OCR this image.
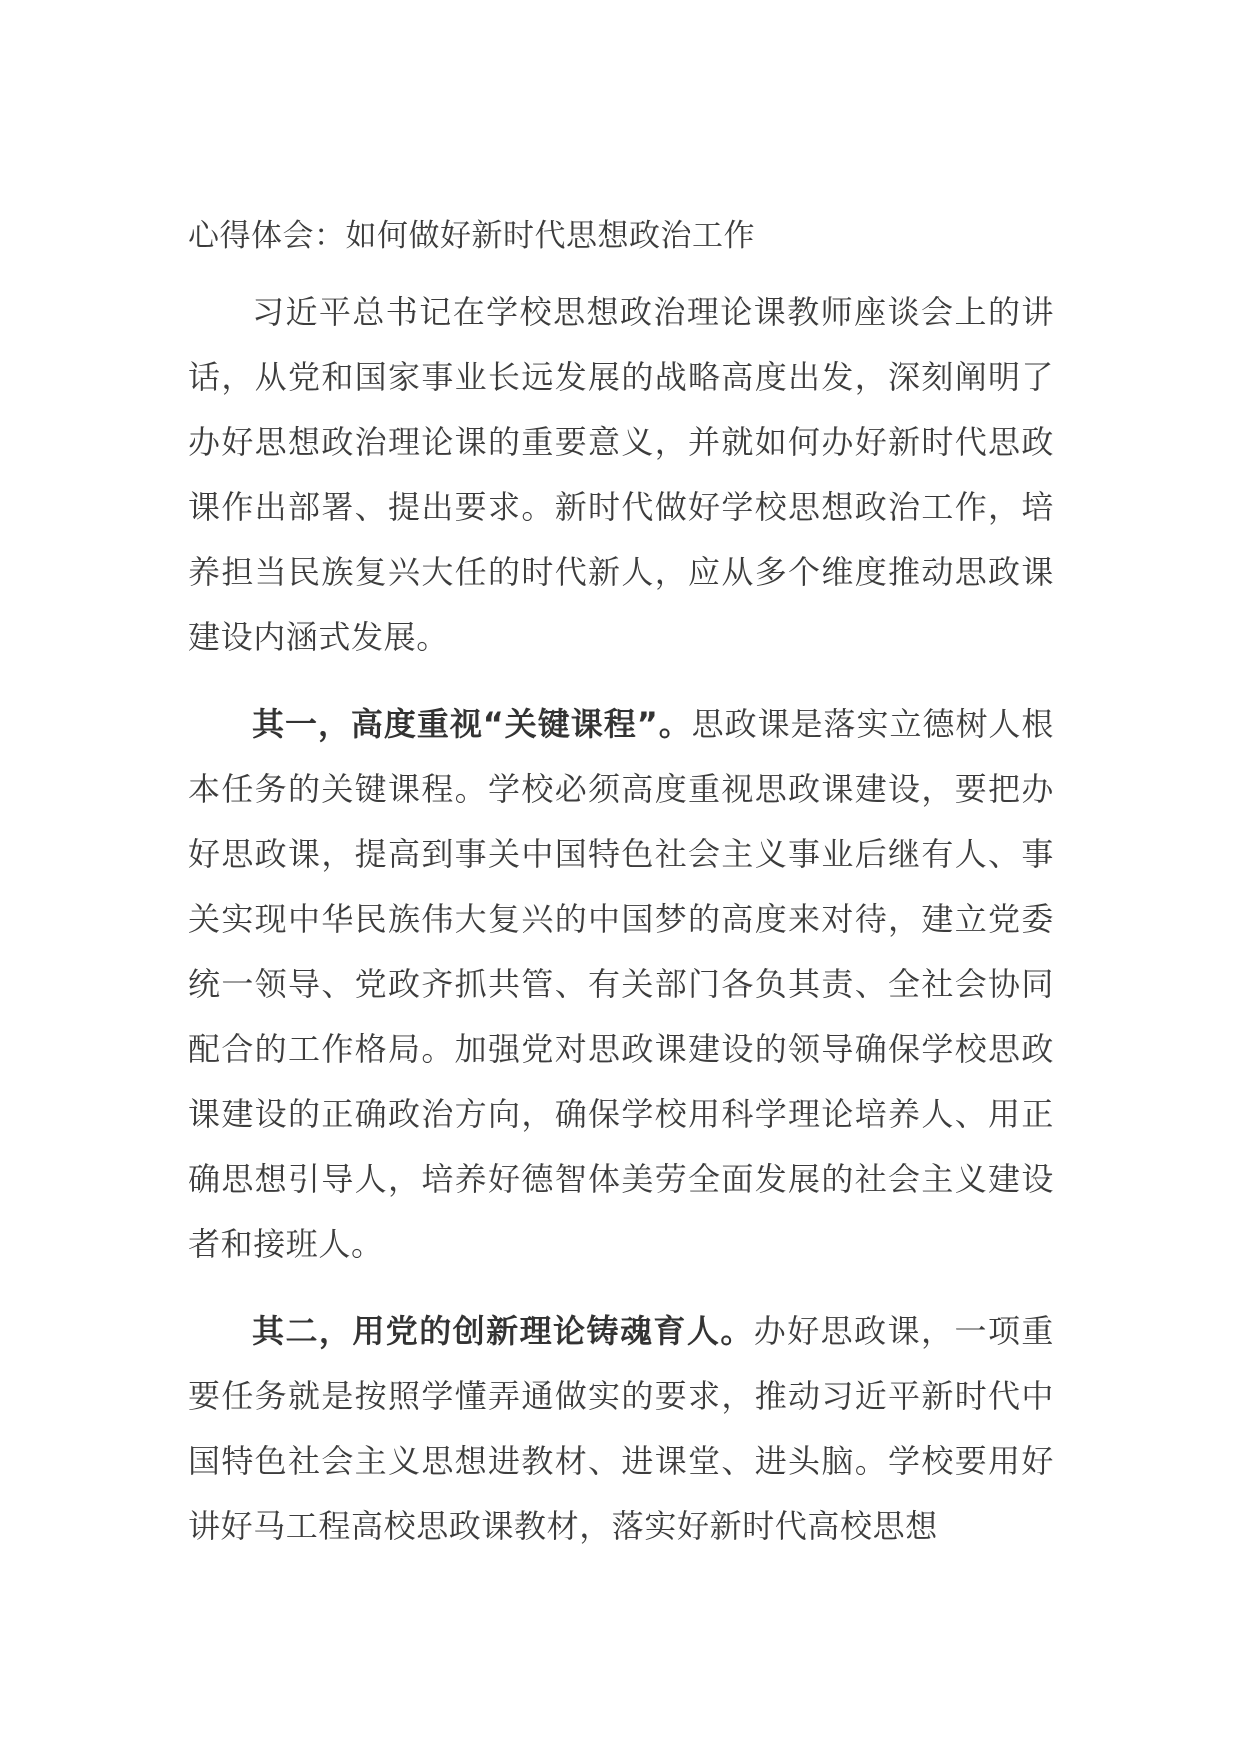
心得体会：如何做好新时代思想政治工作

习近平总书记在学校思想政治理论课教师座谈会上的讲话，从党和国家事业长远发展的战略高度出发，深刻阐明了办好思想政治理论课的重要意义，并就如何办好新时代思政课作出部署、提出要求。新时代做好学校思想政治工作，培养担当民族复兴大任的时代新人，应从多个维度推动思政课建设内涵式发展。

其一，高度重视“关键课程”。思政课是落实立德树人根本任务的关键课程。学校必须高度重视思政课建设，要把办好思政课，提高到事关中国特色社会主义事业后继有人、事关实现中华民族伟大复兴的中国梦的高度来对待，建立党委统一领导、党政齐抓共管、有关部门各负其责、全社会协同配合的工作格局。加强党对思政课建设的领导确保学校思政课建设的正确政治方向，确保学校用科学理论培养人、用正确思想引导人，培养好德智体美劳全面发展的社会主义建设者和接班人。

其二，用党的创新理论铸魂育人。办好思政课，一项重要任务就是按照学懂弄通做实的要求，推动习近平新时代中国特色社会主义思想进教材、进课堂、进头脑。学校要用好讲好马工程高校思政课教材，落实好新时代高校思想
